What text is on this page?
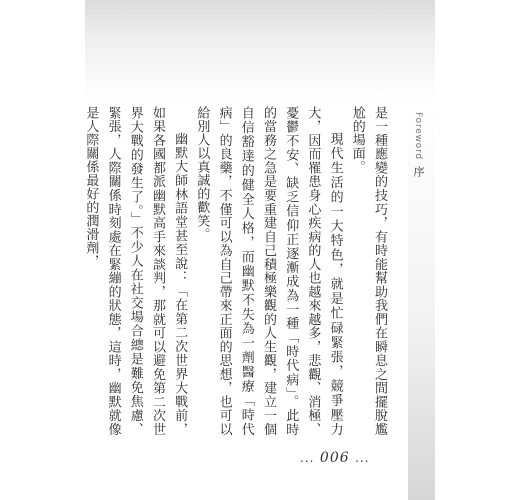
Foreword 序

是一種應變的技巧，有時能幫助我們在瞬息之間擺脫尷尬的場面。

現代生活的一大特色，就是忙碌緊張，競爭壓力大，因而罹患身心疾病的人也越來越多，悲觀、消極、憂鬱不安、缺乏信仰正逐漸成為一種「時代病」。此時的當務之急是要重建自己積極樂觀的人生觀，建立一個自信豁達的健全人格，而幽默不失為一劑醫療「時代病」的良藥，不僅可以為自己帶來正面的思想，也可以給別人以真誠的歡笑。

幽默大師林語堂甚至說：「在第二次世界大戰前，如果各國都派幽默高手來談判，那就可以避免第二次世界大戰的發生了。」不少人在社交場合總是難免焦慮、緊張，人際關係時刻處在緊繃的狀態，這時，幽默就像是人際關係最好的潤滑劑，

... 006 ...
